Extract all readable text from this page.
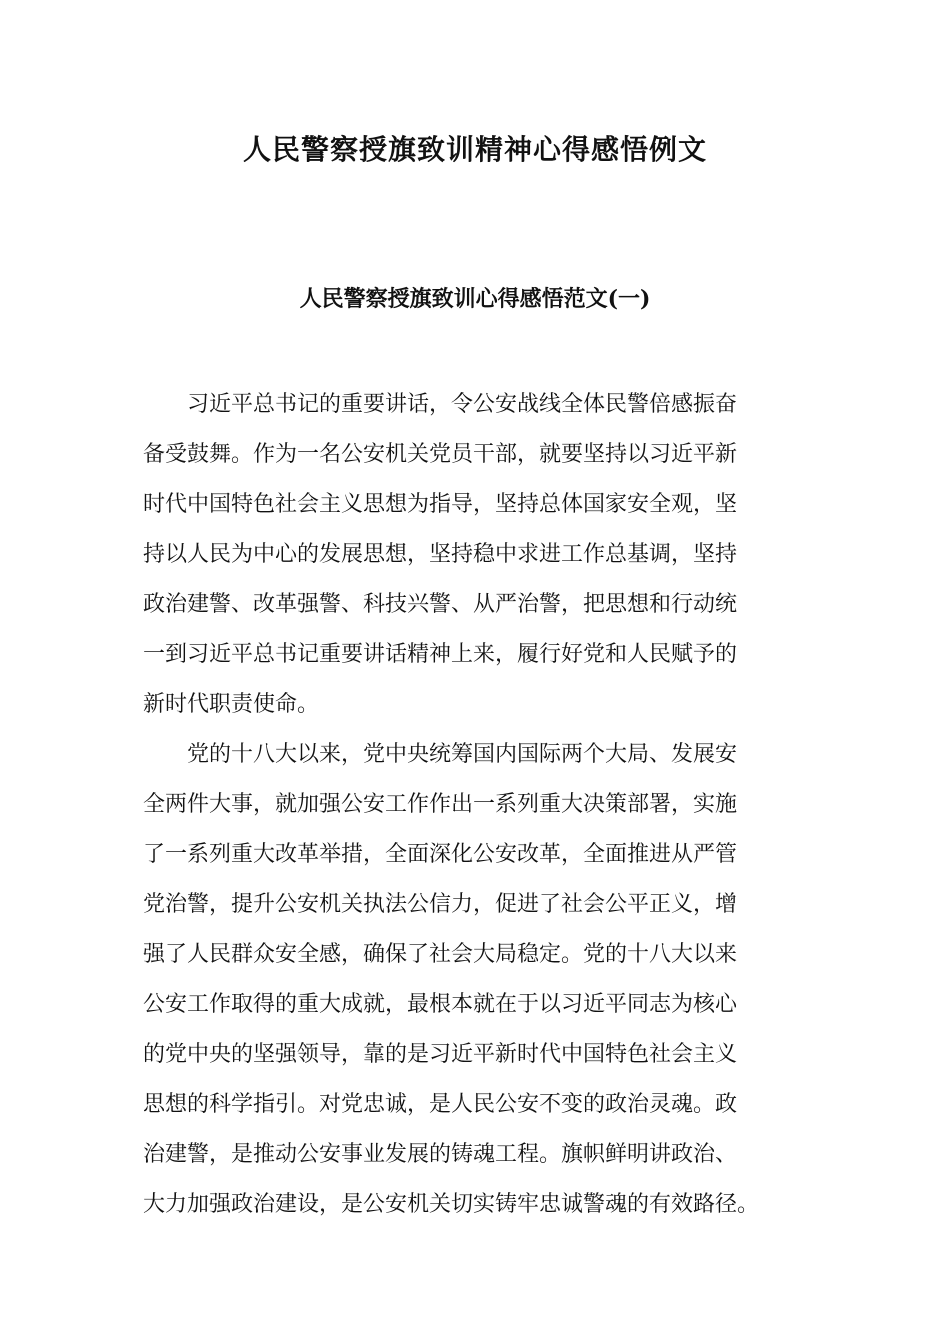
人民警察授旗致训精神心得感悟例文
人民警察授旗致训心得感悟范文(一)
习近平总书记的重要讲话，令公安战线全体民警倍感振奋
备受鼓舞。作为一名公安机关党员干部，就要坚持以习近平新
时代中国特色社会主义思想为指导，坚持总体国家安全观，坚
持以人民为中心的发展思想，坚持稳中求进工作总基调，坚持
政治建警、改革强警、科技兴警、从严治警，把思想和行动统
一到习近平总书记重要讲话精神上来，履行好党和人民赋予的
新时代职责使命。
党的十八大以来，党中央统筹国内国际两个大局、发展安
全两件大事，就加强公安工作作出一系列重大决策部署，实施
了一系列重大改革举措，全面深化公安改革，全面推进从严管
党治警，提升公安机关执法公信力，促进了社会公平正义，增
强了人民群众安全感，确保了社会大局稳定。党的十八大以来
公安工作取得的重大成就，最根本就在于以习近平同志为核心
的党中央的坚强领导，靠的是习近平新时代中国特色社会主义
思想的科学指引。对党忠诚，是人民公安不变的政治灵魂。政
治建警，是推动公安事业发展的铸魂工程。旗帜鲜明讲政治、
大力加强政治建设，是公安机关切实铸牢忠诚警魂的有效路径。
